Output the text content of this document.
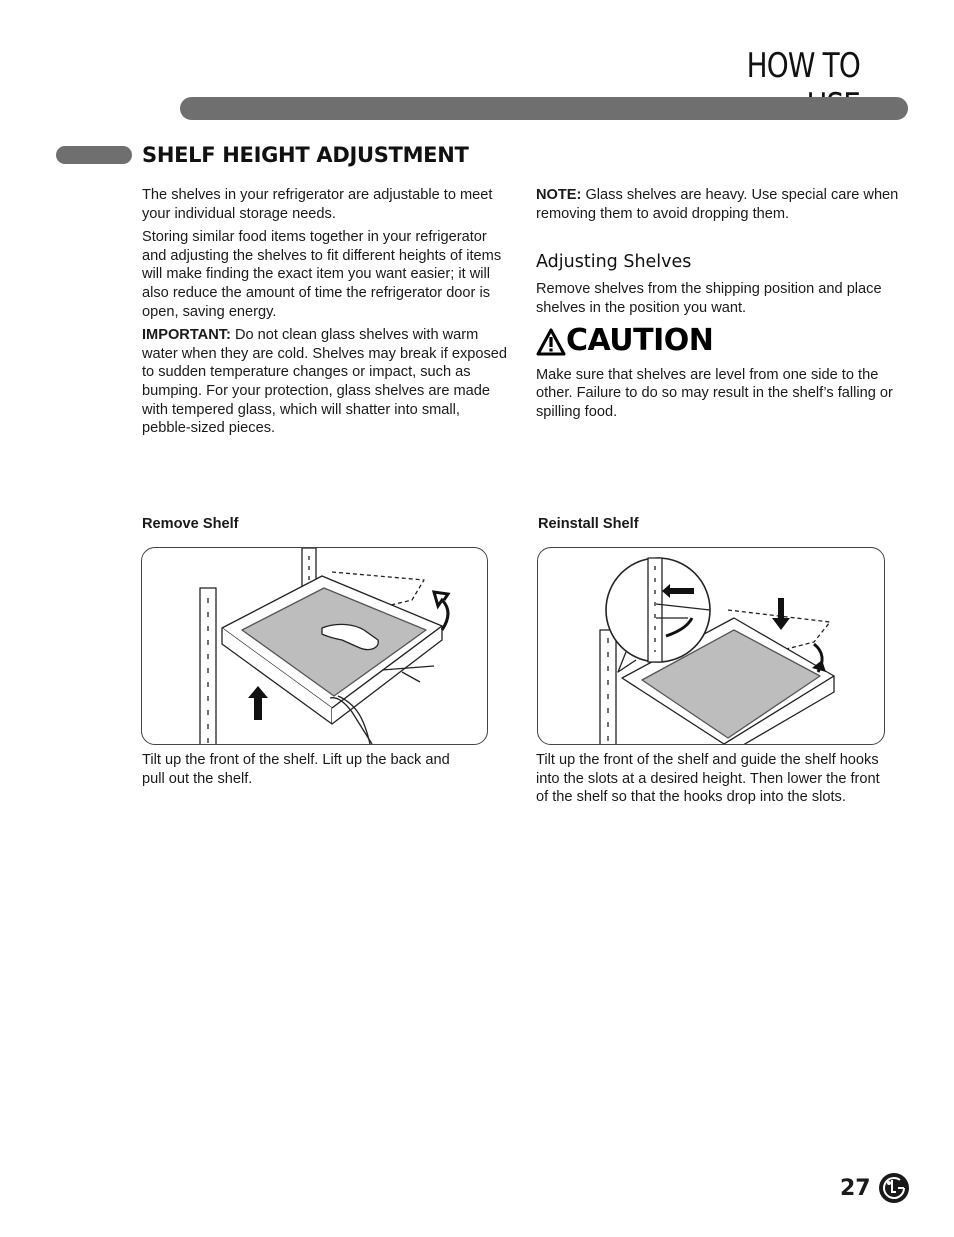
HOW TO
SHELF HEIGHT ADJUSTMENT

The shelves in your refrigerator are adjustable to meet your individual storage needs.

Storing similar food items together in your refrigerator and adjusting the shelves to fit different heights of items will make finding the exact item you want easier; it will also reduce the amount of time the refrigerator door is open, saving energy.

IMPORTANT: Do not clean glass shelves with warm water when they are cold. Shelves may break if exposed to sudden temperature changes or impact, such as bumping. For your protection, glass shelves are made with tempered glass, which will shatter into small, pebble-sized pieces.

NOTE: Glass shelves are heavy. Use special care when removing them to avoid dropping them.

Adjusting Shelves

Remove shelves from the shipping position and place shelves in the position you want.

CAUTION

Make sure that shelves are level from one side to the other. Failure to do so may result in the shelf’s falling or spilling food.

Remove Shelf	Reinstall Shelf
Tilt up the front of the shelf. Lift up the back and pull out the shelf.
Tilt up the front of the shelf and guide the shelf hooks into the slots at a desired height. Then lower the front of the shelf so that the hooks drop into the slots.
27
